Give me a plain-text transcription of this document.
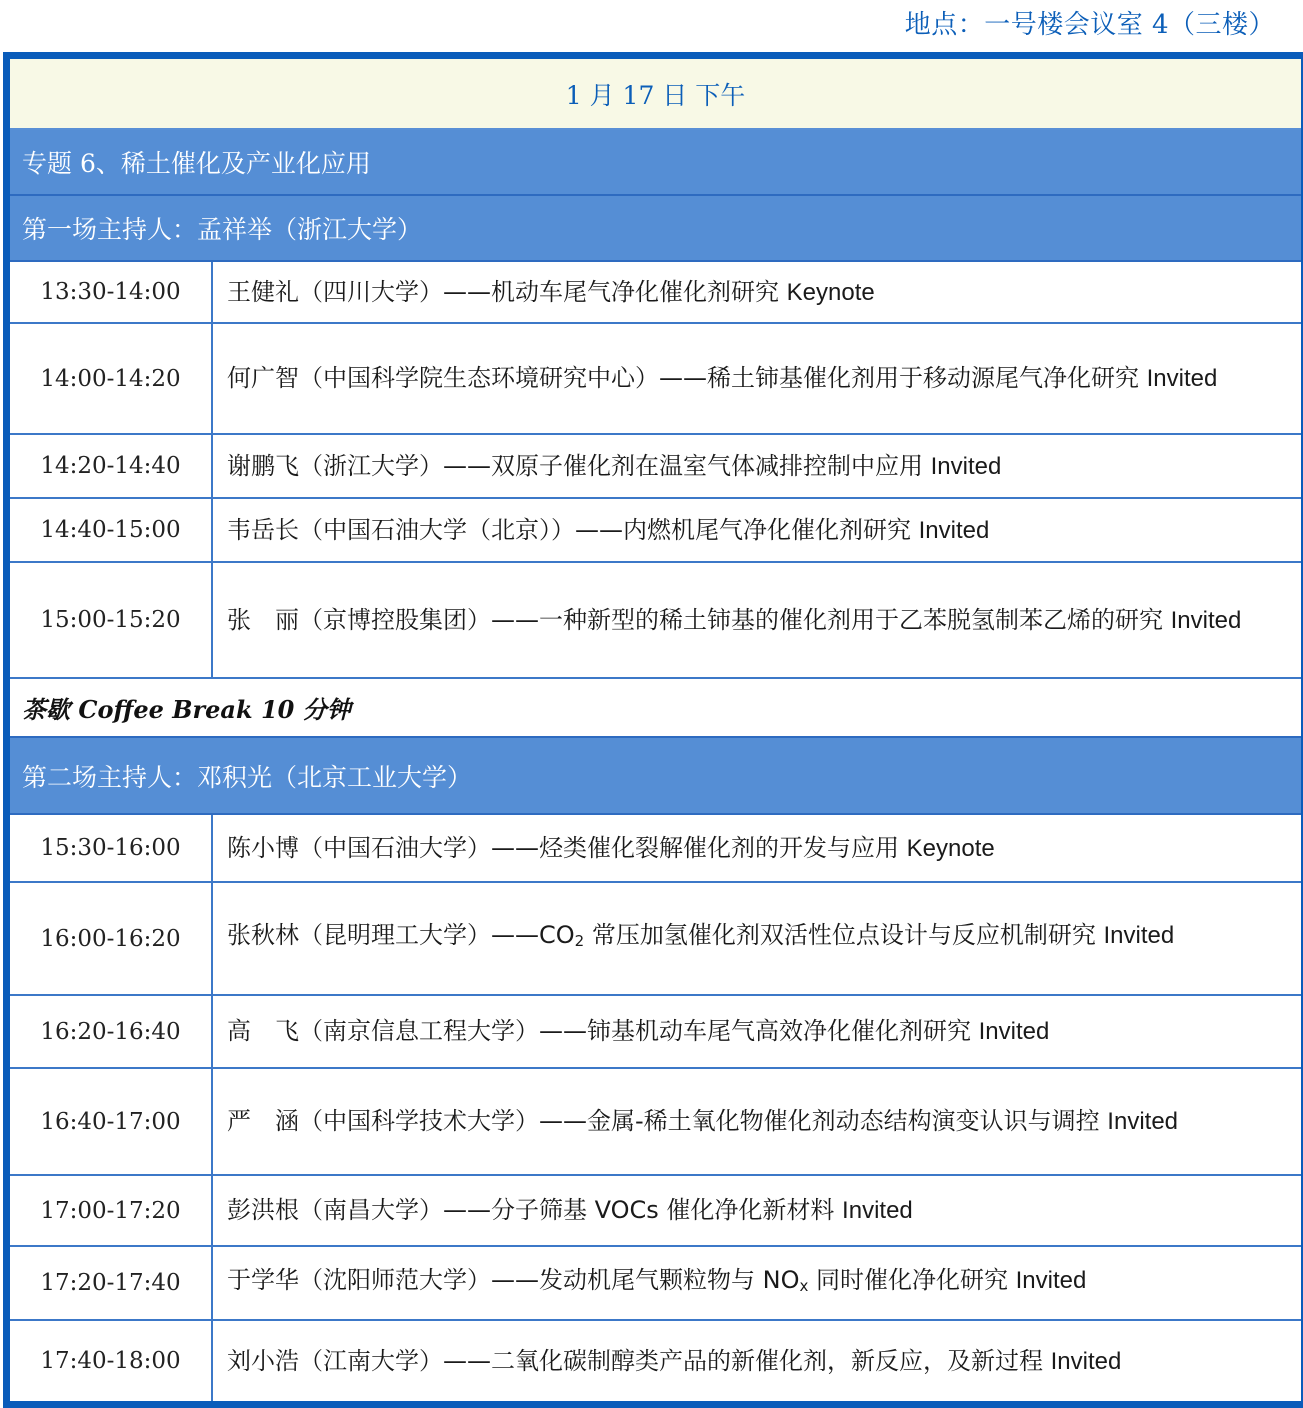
地点：一号楼会议室 4（三楼）
1 月 17 日 下午
专题 6、稀土催化及产业化应用
第一场主持人：孟祥举（浙江大学）
13:30-14:00	王健礼（四川大学）——机动车尾气净化催化剂研究 Keynote
14:00-14:20	何广智（中国科学院生态环境研究中心）——稀土铈基催化剂用于移动源尾气净化研究 Invited
14:20-14:40	谢鹏飞（浙江大学）——双原子催化剂在温室气体减排控制中应用 Invited
14:40-15:00	韦岳长（中国石油大学（北京））——内燃机尾气净化催化剂研究 Invited
15:00-15:20	张　丽（京博控股集团）——一种新型的稀土铈基的催化剂用于乙苯脱氢制苯乙烯的研究 Invited
茶歇 Coffee Break 10 分钟
第二场主持人：邓积光（北京工业大学）
15:30-16:00	陈小博（中国石油大学）——烃类催化裂解催化剂的开发与应用 Keynote
16:00-16:20	张秋林（昆明理工大学）$——CO_2$ 常压加氢催化剂双活性位点设计与反应机制研究 Invited
16:20-16:40	高　飞（南京信息工程大学）——铈基机动车尾气高效净化催化剂研究 Invited
16:40-17:00	严　涵（中国科学技术大学）——金属-稀土氧化物催化剂动态结构演变认识与调控 Invited
17:00-17:20	彭洪根（南昌大学）——分子筛基 VOCs 催化净化新材料 Invited
17:20-17:40	于学华（沈阳师范大学）——发动机尾气颗粒物与 $NO_x$ 同时催化净化研究 Invited
17:40-18:00	刘小浩（江南大学）——二氧化碳制醇类产品的新催化剂，新反应，及新过程 Invited
